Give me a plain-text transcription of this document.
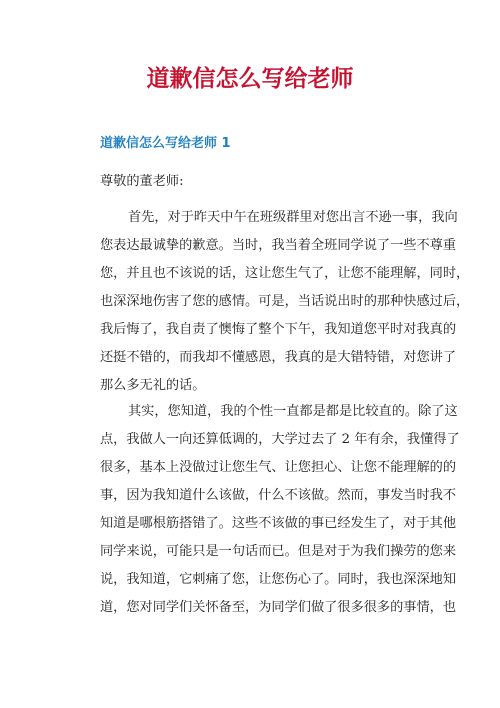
道歉信怎么写给老师
道歉信怎么写给老师 1

尊敬的董老师:

首先，对于昨天中午在班级群里对您出言不逊一事，我向
您表达最诚挚的歉意。当时，我当着全班同学说了一些不尊重
您，并且也不该说的话，这让您生气了，让您不能理解，同时，
也深深地伤害了您的感情。可是，当话说出时的那种快感过后，
我后悔了，我自责了懊悔了整个下午，我知道您平时对我真的
还挺不错的，而我却不懂感恩，我真的是大错特错，对您讲了
那么多无礼的话。
其实，您知道，我的个性一直都是都是比较直的。除了这
点，我做人一向还算低调的，大学过去了 2 年有余，我懂得了
很多，基本上没做过让您生气、让您担心、让您不能理解的的
事，因为我知道什么该做，什么不该做。然而，事发当时我不
知道是哪根筋搭错了。这些不该做的事已经发生了，对于其他
同学来说，可能只是一句话而已。但是对于为我们操劳的您来
说，我知道，它刺痛了您，让您伤心了。同时，我也深深地知
道，您对同学们关怀备至，为同学们做了很多很多的事情，也
